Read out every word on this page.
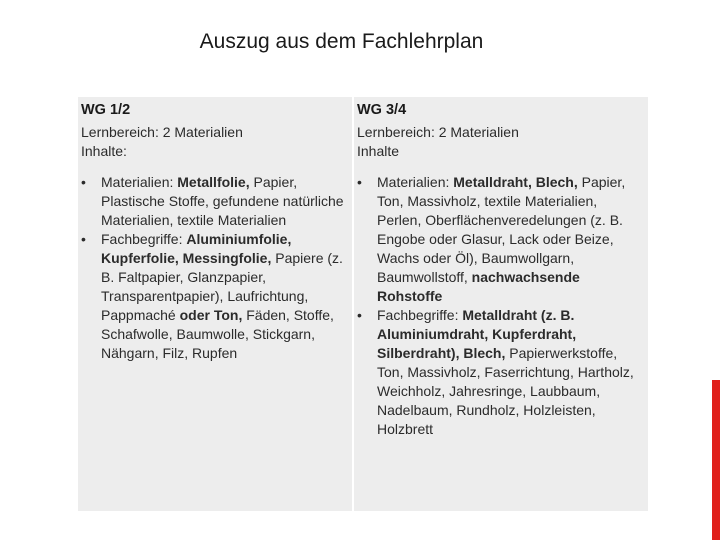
Auszug aus dem Fachlehrplan
WG 1/2
Lernbereich: 2 Materialien
Inhalte:
•	Materialien: Metallfolie, Papier, Plastische Stoffe, gefundene natürliche Materialien, textile Materialien
•	Fachbegriffe: Aluminiumfolie, Kupferfolie, Messingfolie, Papiere (z. B. Faltpapier, Glanzpapier, Transparentpapier), Laufrichtung, Pappmaché oder Ton, Fäden, Stoffe, Schafwolle, Baumwolle, Stickgarn, Nähgarn, Filz, Rupfen
WG 3/4
Lernbereich: 2 Materialien
Inhalte
•	Materialien: Metalldraht, Blech, Papier, Ton, Massivholz, textile Materialien, Perlen, Oberflächenveredelungen (z. B. Engobe oder Glasur, Lack oder Beize, Wachs oder Öl), Baumwollgarn, Baumwollstoff, nachwachsende Rohstoffe
•	Fachbegriffe: Metalldraht (z. B. Aluminiumdraht, Kupferdraht, Silberdraht), Blech, Papierwerkstoffe, Ton, Massivholz, Faserrichtung, Hartholz, Weichholz, Jahresringe, Laubbaum, Nadelbaum, Rundholz, Holzleisten, Holzbrett
